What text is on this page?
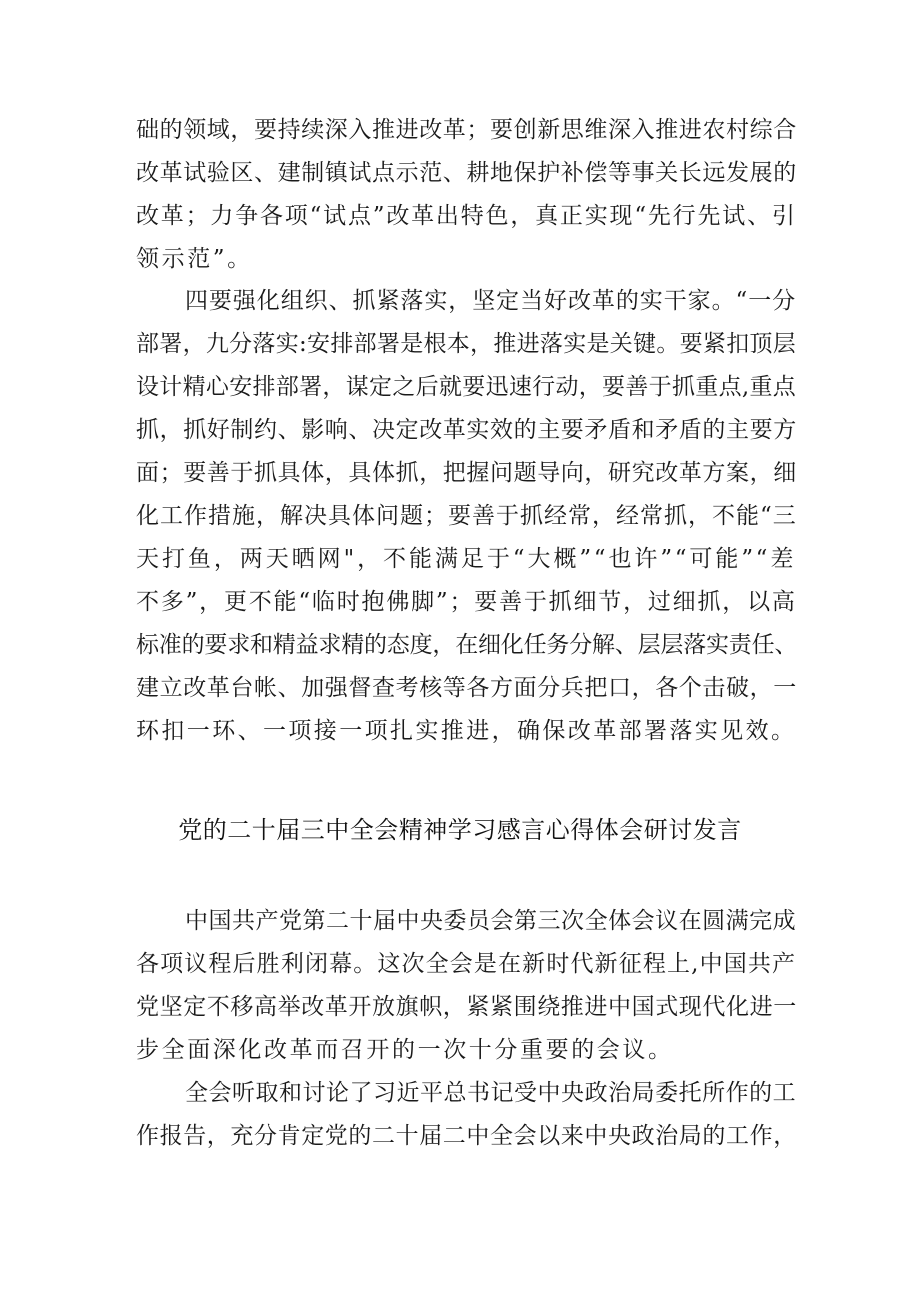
础的领域，要持续深入推进改革；要创新思维深入推进农村综合
改革试验区、建制镇试点示范、耕地保护补偿等事关长远发展的
改革；力争各项“试点”改革出特色，真正实现“先行先试、引
领示范”。
四要强化组织、抓紧落实，坚定当好改革的实干家。“一分
部署，九分落实:安排部署是根本，推进落实是关键。要紧扣顶层
设计精心安排部署，谋定之后就要迅速行动，要善于抓重点,重点
抓，抓好制约、影响、决定改革实效的主要矛盾和矛盾的主要方
面；要善于抓具体，具体抓，把握问题导向，研究改革方案，细
化工作措施，解决具体问题；要善于抓经常，经常抓，不能“三
天打鱼，两天晒网"，不能满足于“大概”“也许”“可能”“差
不多”，更不能“临时抱佛脚”；要善于抓细节，过细抓，以高
标准的要求和精益求精的态度，在细化任务分解、层层落实责任、
建立改革台帐、加强督查考核等各方面分兵把口，各个击破，一
环扣一环、一项接一项扎实推进，确保改革部署落实见效。
党的二十届三中全会精神学习感言心得体会研讨发言
中国共产党第二十届中央委员会第三次全体会议在圆满完成
各项议程后胜利闭幕。这次全会是在新时代新征程上,中国共产
党坚定不移高举改革开放旗帜，紧紧围绕推进中国式现代化进一
步全面深化改革而召开的一次十分重要的会议。
全会听取和讨论了习近平总书记受中央政治局委托所作的工
作报告，充分肯定党的二十届二中全会以来中央政治局的工作，
